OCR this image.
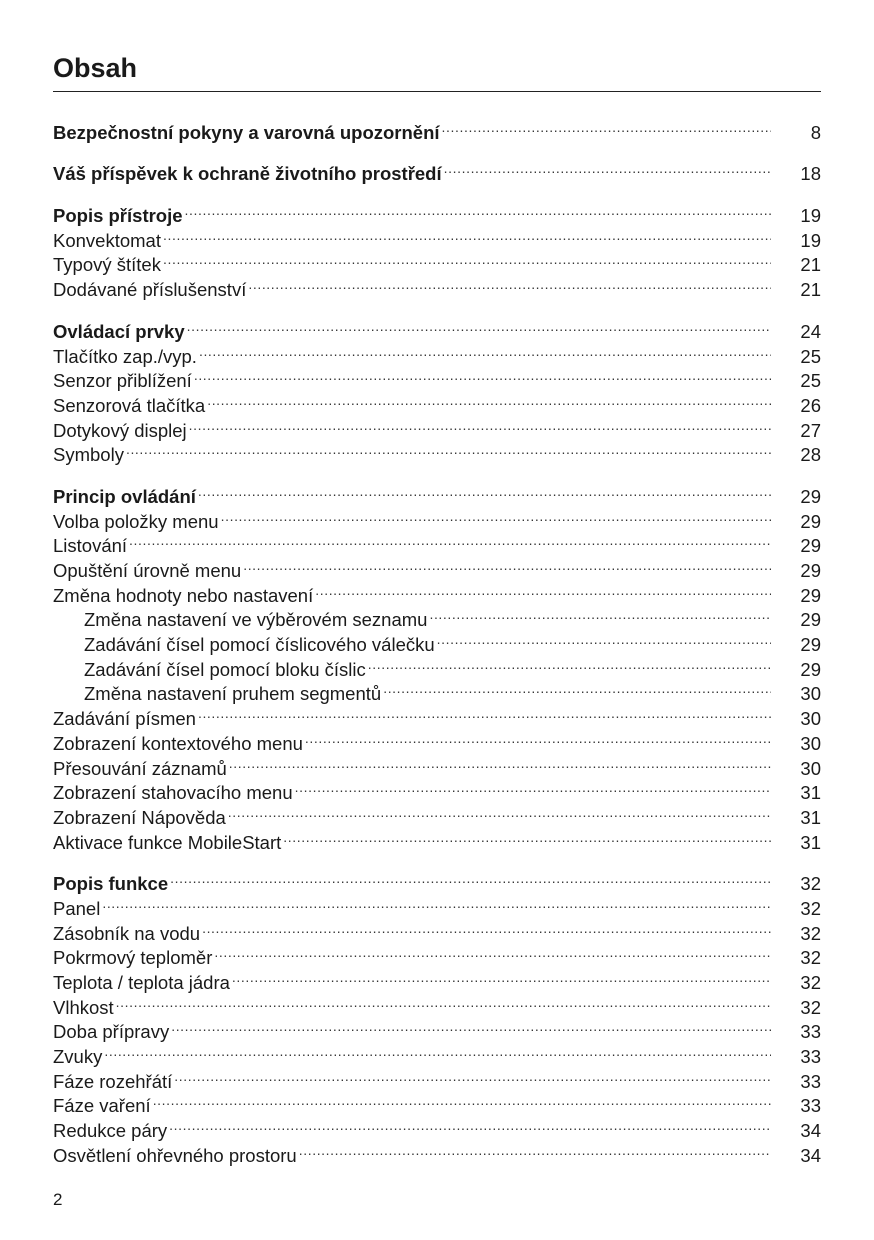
Obsah
Bezpečnostní pokyny a varovná upozornění .....	8
Váš příspěvek k ochraně životního prostředí .....	18
Popis přístroje .....	19
Konvektomat .....	19
Typový štítek .....	21
Dodávané příslušenství .....	21
Ovládací prvky .....	24
Tlačítko zap./vyp. .....	25
Senzor přiblížení .....	25
Senzorová tlačítka .....	26
Dotykový displej .....	27
Symboly .....	28
Princip ovládání .....	29
Volba položky menu .....	29
Listování .....	29
Opuštění úrovně menu .....	29
Změna hodnoty nebo nastavení .....	29
Změna nastavení ve výběrovém seznamu .....	29
Zadávání čísel pomocí číslicového válečku .....	29
Zadávání čísel pomocí bloku číslic .....	29
Změna nastavení pruhem segmentů .....	30
Zadávání písmen .....	30
Zobrazení kontextového menu .....	30
Přesouvání záznamů .....	30
Zobrazení stahovacího menu .....	31
Zobrazení Nápověda .....	31
Aktivace funkce MobileStart .....	31
Popis funkce .....	32
Panel .....	32
Zásobník na vodu .....	32
Pokrmový teploměr .....	32
Teplota / teplota jádra .....	32
Vlhkost .....	32
Doba přípravy .....	33
Zvuky .....	33
Fáze rozehřátí .....	33
Fáze vaření .....	33
Redukce páry .....	34
Osvětlení ohřevného prostoru .....	34

2
